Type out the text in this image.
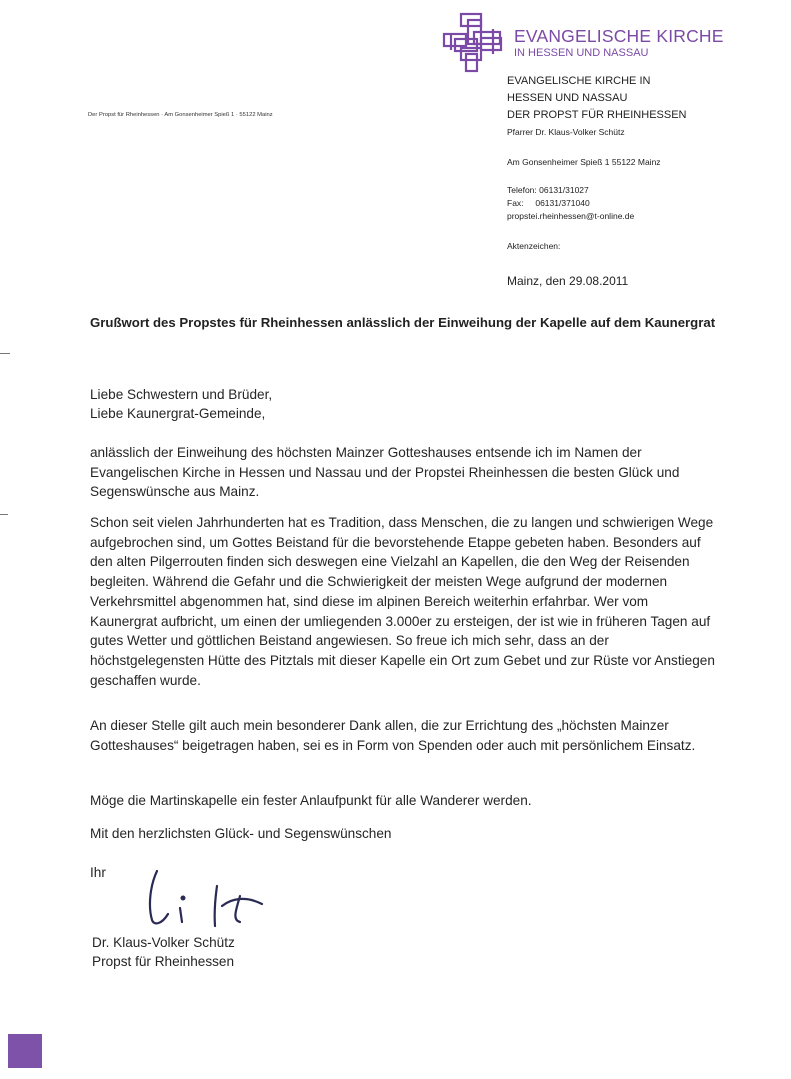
EVANGELISCHE KIRCHE
IN HESSEN UND NASSAU
Der Propst für Rheinhessen · Am Gonsenheimer Spieß 1 · 55122 Mainz
EVANGELISCHE KIRCHE IN
HESSEN UND NASSAU
DER PROPST FÜR RHEINHESSEN
Pfarrer Dr. Klaus-Volker Schütz
Am Gonsenheimer Spieß 1 55122 Mainz
Telefon: 06131/31027
Fax:     06131/371040
propstei.rheinhessen@t-online.de
Aktenzeichen:
Mainz, den 29.08.2011
Grußwort des Propstes für Rheinhessen anlässlich der Einweihung der Kapelle auf dem Kaunergrat
Liebe Schwestern und Brüder,
Liebe Kaunergrat-Gemeinde,
anlässlich der Einweihung des höchsten Mainzer Gotteshauses entsende ich im Namen der Evangelischen Kirche in Hessen und Nassau und der Propstei Rheinhessen die besten Glück und Segenswünsche aus Mainz.
Schon seit vielen Jahrhunderten hat es Tradition, dass Menschen, die zu langen und schwierigen Wege aufgebrochen sind, um Gottes Beistand für die bevorstehende Etappe gebeten haben. Besonders auf den alten Pilgerrouten finden sich deswegen eine Vielzahl an Kapellen, die den Weg der Reisenden begleiten. Während die Gefahr und die Schwierigkeit der meisten Wege aufgrund der modernen Verkehrsmittel abgenommen hat, sind diese im alpinen Bereich weiterhin erfahrbar. Wer vom Kaunergrat aufbricht, um einen der umliegenden 3.000er zu ersteigen, der ist wie in früheren Tagen auf gutes Wetter und göttlichen Beistand angewiesen. So freue ich mich sehr, dass an der höchstgelegensten Hütte des Pitztals mit dieser Kapelle ein Ort zum Gebet und zur Rüste vor Anstiegen geschaffen wurde.
An dieser Stelle gilt auch mein besonderer Dank allen, die zur Errichtung des „höchsten Mainzer Gotteshauses“ beigetragen haben, sei es in Form von Spenden oder auch mit persönlichem Einsatz.
Möge die Martinskapelle ein fester Anlaufpunkt für alle Wanderer werden.
Mit den herzlichsten Glück- und Segenswünschen
Ihr
Dr. Klaus-Volker Schütz
Propst für Rheinhessen
